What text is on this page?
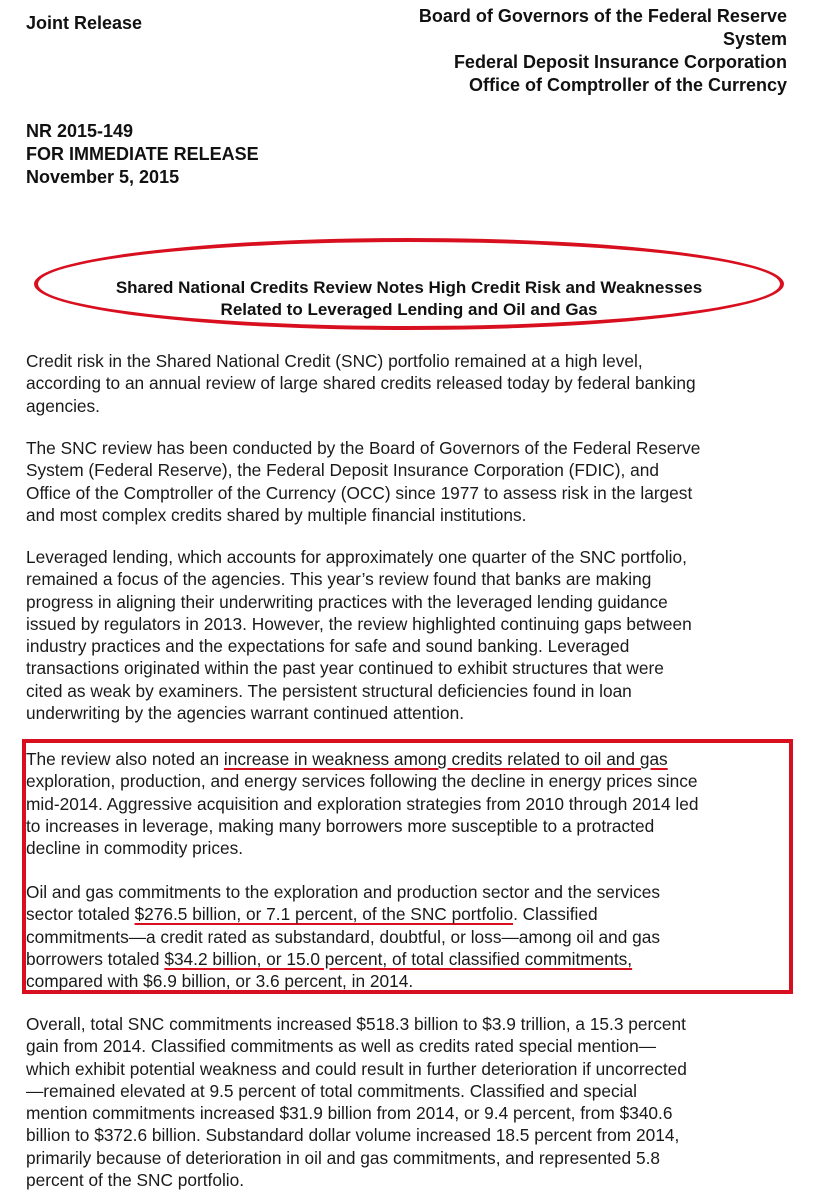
Joint Release	Board of Governors of the Federal Reserve
System
Federal Deposit Insurance Corporation
Office of Comptroller of the Currency
NR 2015-149
FOR IMMEDIATE RELEASE
November 5, 2015
Shared National Credits Review Notes High Credit Risk and Weaknesses
Related to Leveraged Lending and Oil and Gas
Credit risk in the Shared National Credit (SNC) portfolio remained at a high level,
according to an annual review of large shared credits released today by federal banking
agencies.
The SNC review has been conducted by the Board of Governors of the Federal Reserve
System (Federal Reserve), the Federal Deposit Insurance Corporation (FDIC), and
Office of the Comptroller of the Currency (OCC) since 1977 to assess risk in the largest
and most complex credits shared by multiple financial institutions.
Leveraged lending, which accounts for approximately one quarter of the SNC portfolio,
remained a focus of the agencies. This year’s review found that banks are making
progress in aligning their underwriting practices with the leveraged lending guidance
issued by regulators in 2013. However, the review highlighted continuing gaps between
industry practices and the expectations for safe and sound banking. Leveraged
transactions originated within the past year continued to exhibit structures that were
cited as weak by examiners. The persistent structural deficiencies found in loan
underwriting by the agencies warrant continued attention.
The review also noted an increase in weakness among credits related to oil and gas
exploration, production, and energy services following the decline in energy prices since
mid-2014. Aggressive acquisition and exploration strategies from 2010 through 2014 led
to increases in leverage, making many borrowers more susceptible to a protracted
decline in commodity prices.
Oil and gas commitments to the exploration and production sector and the services
sector totaled $276.5 billion, or 7.1 percent, of the SNC portfolio. Classified
commitments—a credit rated as substandard, doubtful, or loss—among oil and gas
borrowers totaled $34.2 billion, or 15.0 percent, of total classified commitments,
compared with $6.9 billion, or 3.6 percent, in 2014.
Overall, total SNC commitments increased $518.3 billion to $3.9 trillion, a 15.3 percent
gain from 2014. Classified commitments as well as credits rated special mention—
which exhibit potential weakness and could result in further deterioration if uncorrected
—remained elevated at 9.5 percent of total commitments. Classified and special
mention commitments increased $31.9 billion from 2014, or 9.4 percent, from $340.6
billion to $372.6 billion. Substandard dollar volume increased 18.5 percent from 2014,
primarily because of deterioration in oil and gas commitments, and represented 5.8
percent of the SNC portfolio.
